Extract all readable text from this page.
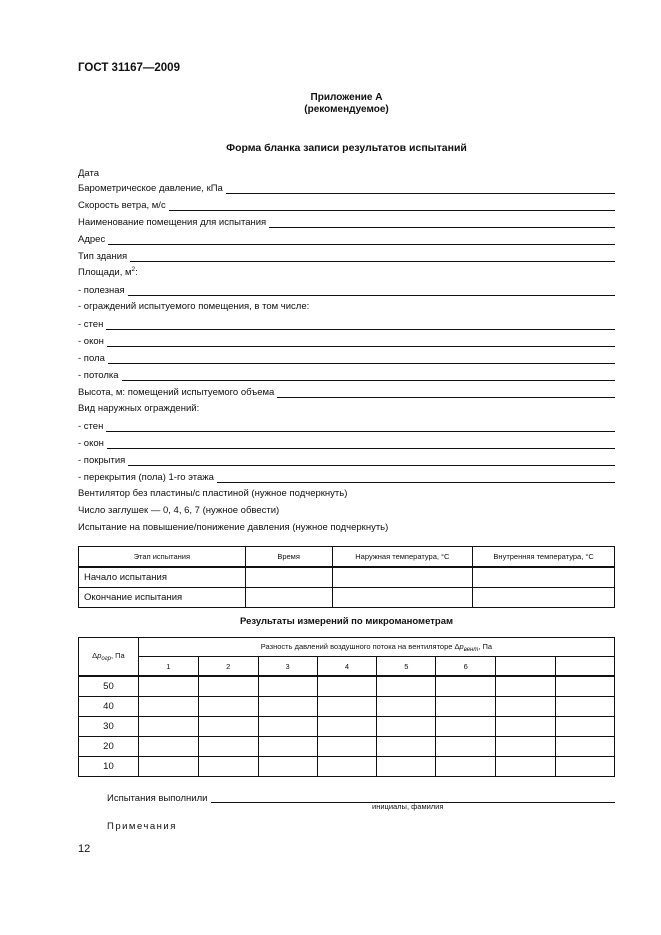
ГОСТ 31167—2009
Приложение А
(рекомендуемое)
Форма бланка записи результатов испытаний
Дата
Барометрическое давление, кПа
Скорость ветра, м/с
Наименование помещения для испытания
Адрес
Тип здания
Площади, $м^2$:
- полезная
- ограждений испытуемого помещения, в том числе:
- стен
- окон
- пола
- потолка
Высота, м: помещений испытуемого объема
Вид наружных ограждений:
- стен
- окон
- покрытия
- перекрытия (пола) 1-го этажа
Вентилятор без пластины/с пластиной (нужное подчеркнуть)
Число заглушек — 0, 4, 6, 7 (нужное обвести)
Испытание на повышение/понижение давления (нужное подчеркнуть)
Этап испытания	Время	Наружная температура, °С	Внутренняя температура, °С
Начало испытания			
Окончание испытания			
Результаты измерений по микроманометрам
$\Delta p_{огр}$, Па	Разность давлений воздушного потока на вентиляторе $\Delta p_{вент}$, Па							
	1	2	3	4	5	6		
50								
40								
30								
20								
10								
Испытания выполнили
инициалы, фамилия
Примечания
12
